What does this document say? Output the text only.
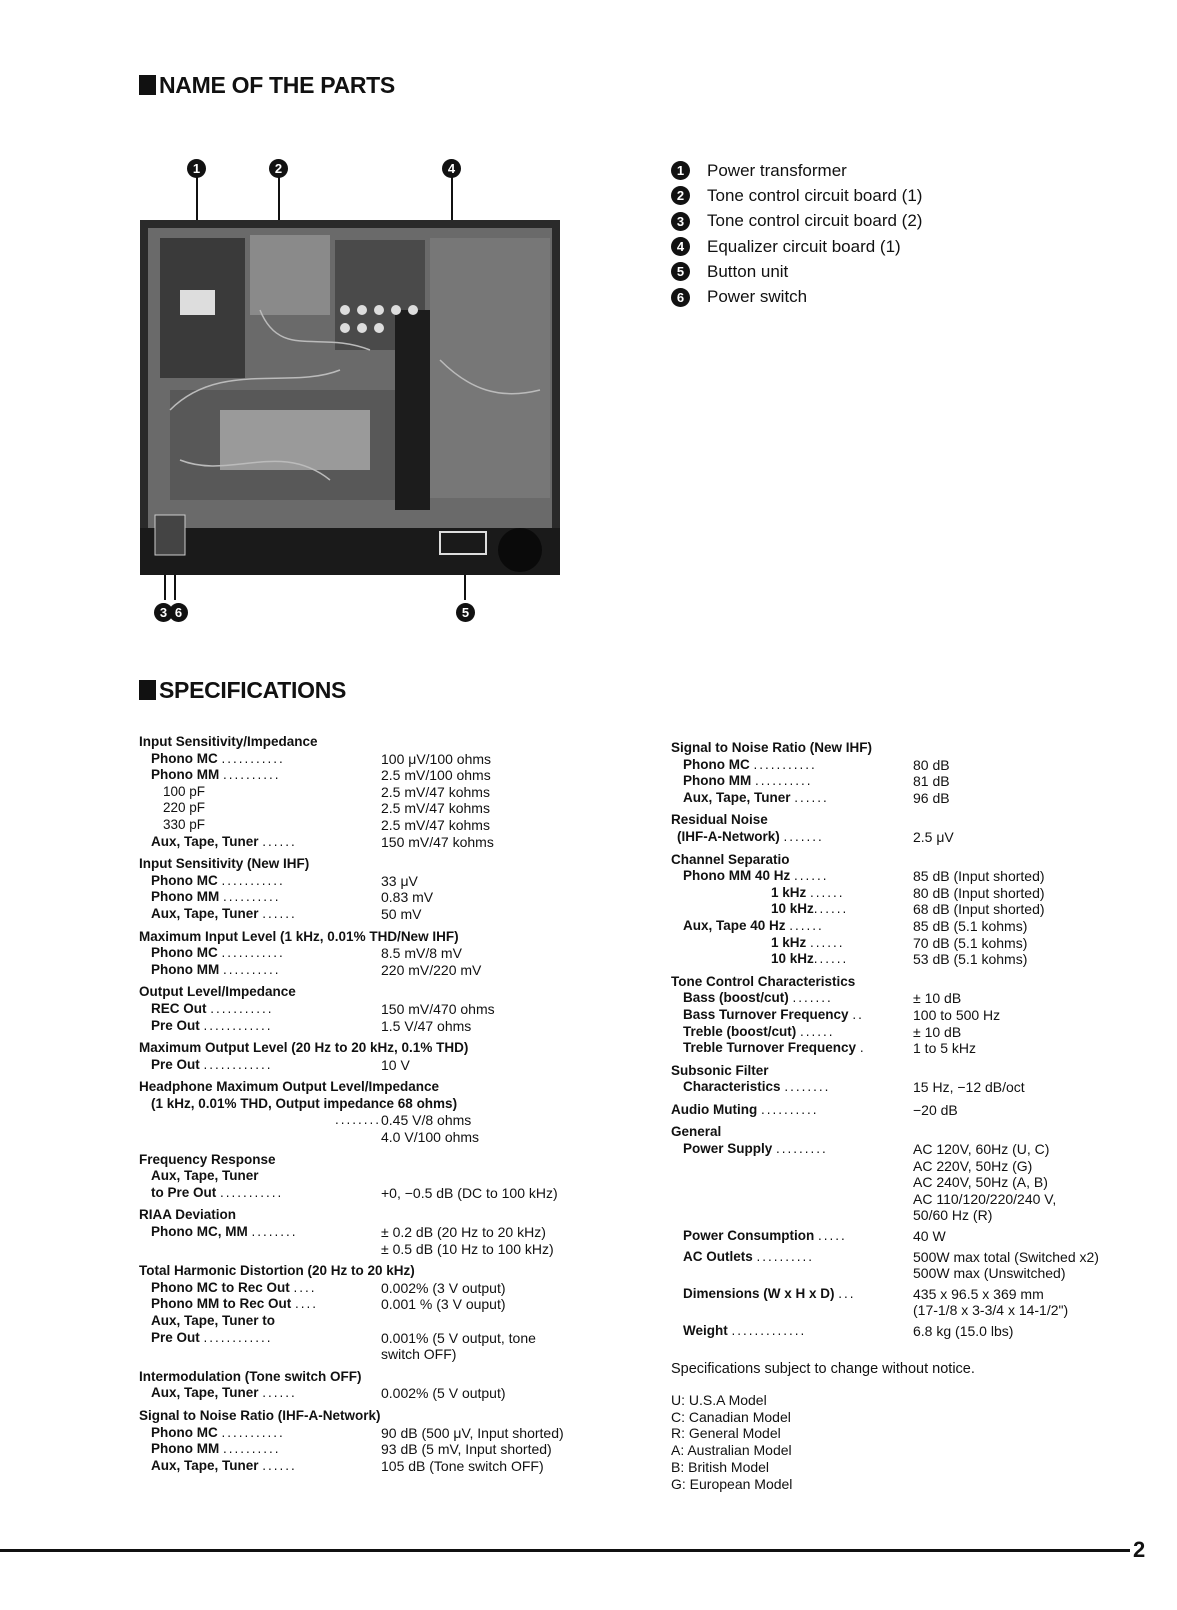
NAME OF THE PARTS
1	2	4
3 6	5
1	Power transformer
2	Tone control circuit board (1)
3	Tone control circuit board (2)
4	Equalizer circuit board (1)
5	Button unit
6	Power switch
SPECIFICATIONS
Input Sensitivity/Impedance
Phono MC ...........	100 μV/100 ohms
Phono MM ..........	2.5 mV/100 ohms
100 pF	2.5 mV/47 kohms
220 pF	2.5 mV/47 kohms
330 pF	2.5 mV/47 kohms
Aux, Tape, Tuner ......	150 mV/47 kohms
Input Sensitivity (New IHF)
Phono MC ...........	33 μV
Phono MM ..........	0.83 mV
Aux, Tape, Tuner ......	50 mV
Maximum Input Level (1 kHz, 0.01% THD/New IHF)
Phono MC ...........	8.5 mV/8 mV
Phono MM ..........	220 mV/220 mV
Output Level/Impedance
REC Out ...........	150 mV/470 ohms
Pre Out ............	1.5 V/47 ohms
Maximum Output Level (20 Hz to 20 kHz, 0.1% THD)
Pre Out ............	10 V
Headphone Maximum Output Level/Impedance
(1 kHz, 0.01% THD, Output impedance 68 ohms)
........ 0.45 V/8 ohms
4.0 V/100 ohms
Frequency Response
Aux, Tape, Tuner
to Pre Out ...........	+0, −0.5 dB (DC to 100 kHz)
RIAA Deviation
Phono MC, MM ........	± 0.2 dB (20 Hz to 20 kHz)
± 0.5 dB (10 Hz to 100 kHz)
Total Harmonic Distortion (20 Hz to 20 kHz)
Phono MC to Rec Out ....	0.002% (3 V output)
Phono MM to Rec Out ....	0.001 % (3 V ouput)
Aux, Tape, Tuner to
Pre Out ............	0.001% (5 V output, tone
switch OFF)
Intermodulation (Tone switch OFF)
Aux, Tape, Tuner ......	0.002% (5 V output)
Signal to Noise Ratio (IHF-A-Network)
Phono MC ...........	90 dB (500 μV, Input shorted)
Phono MM ..........	93 dB (5 mV, Input shorted)
Aux, Tape, Tuner ......	105 dB (Tone switch OFF)
Signal to Noise Ratio (New IHF)
Phono MC ...........	80 dB
Phono MM ..........	81 dB
Aux, Tape, Tuner ......	96 dB
Residual Noise
(IHF-A-Network) .......	2.5 μV
Channel Separatio
Phono MM 40 Hz ......	85 dB (Input shorted)
1 kHz ......	80 dB (Input shorted)
10 kHz......	68 dB (Input shorted)
Aux, Tape 40 Hz ......	85 dB (5.1 kohms)
1 kHz ......	70 dB (5.1 kohms)
10 kHz......	53 dB (5.1 kohms)
Tone Control Characteristics
Bass (boost/cut) .......	± 10 dB
Bass Turnover Frequency ..	100 to 500 Hz
Treble (boost/cut) ......	± 10 dB
Treble Turnover Frequency .	1 to 5 kHz
Subsonic Filter
Characteristics ........	15 Hz, −12 dB/oct
Audio Muting ..........	−20 dB
General
Power Supply .........	AC 120V, 60Hz (U, C)
AC 220V, 50Hz (G)
AC 240V, 50Hz (A, B)
AC 110/120/220/240 V,
50/60 Hz (R)
Power Consumption .....	40 W
AC Outlets ..........	500W max total (Switched x2)
500W max (Unswitched)
Dimensions (W x H x D) ...	435 x 96.5 x 369 mm
(17-1/8 x 3-3/4 x 14-1/2")
Weight .............	6.8 kg (15.0 lbs)
Specifications subject to change without notice.
U: U.S.A Model
C: Canadian Model
R: General Model
A: Australian Model
B: British Model
G: European Model
2
